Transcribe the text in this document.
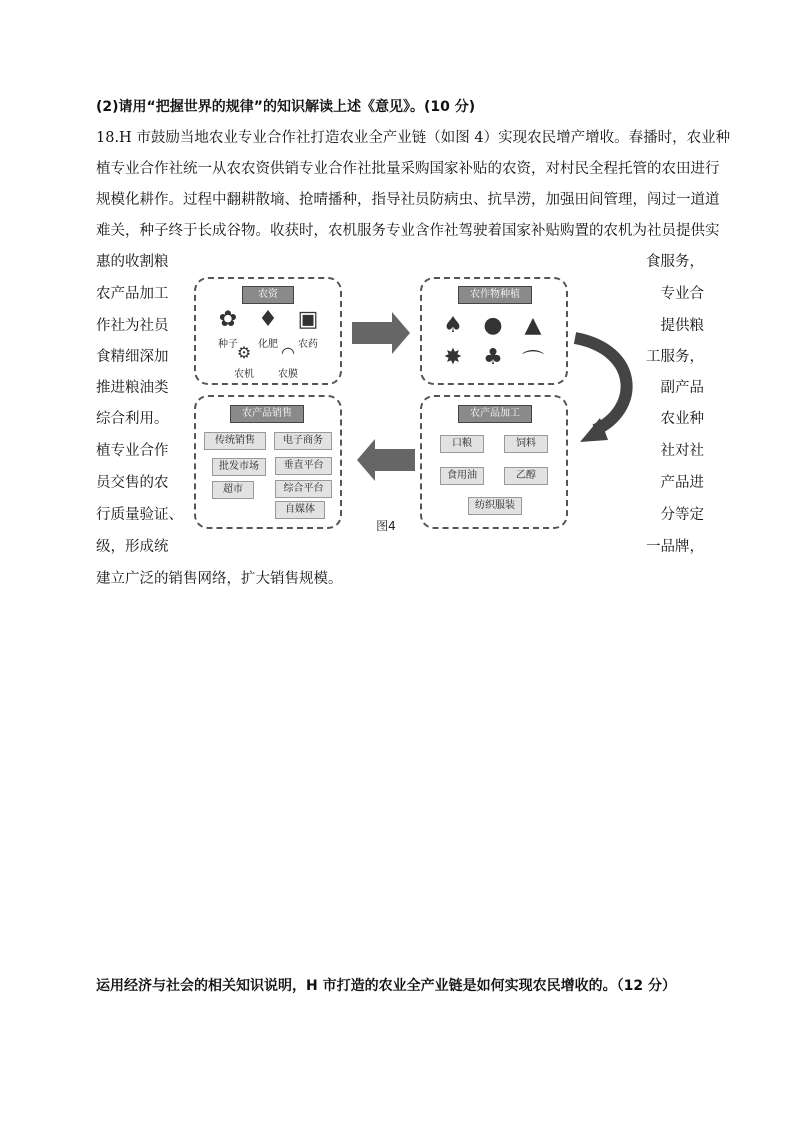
(2)请用“把握世界的规律”的知识解读上述《意见》。(10 分)
18.H 市鼓励当地农业专业合作社打造农业全产业链（如图 4）实现农民增产增收。春播时，农业种
植专业合作社统一从农农资供销专业合作社批量采购国家补贴的农资，对村民全程托管的农田进行
规模化耕作。过程中翻耕散墒、抢晴播种，指导社员防病虫、抗旱涝，加强田间管理，闯过一道道
难关，种子终于长成谷物。收获时，农机服务专业含作社驾驶着国家补贴购置的农机为社员提供实
惠的收割粮
农产品加工
作社为社员
食精细深加
推进粮油类
综合利用。
植专业合作
员交售的农
行质量验证、
级，形成统
食服务，
专业合
提供粮
工服务，
副产品
农业种
社对社
产品进
分等定
一品牌，
建立广泛的销售网络，扩大销售规模。
农资
✿
种子
♦
化肥
▣
农药
⚙
农机
◠
农膜
农作物种植
♠ ● ▲
✸ ♣ ⌒
农产品销售
传统销售
批发市场
超市
电子商务
垂直平台
综合平台
自媒体
农产品加工
口粮	饲料
食用油	乙醇
纺织服装
图4
运用经济与社会的相关知识说明，H 市打造的农业全产业链是如何实现农民增收的。（12 分）
